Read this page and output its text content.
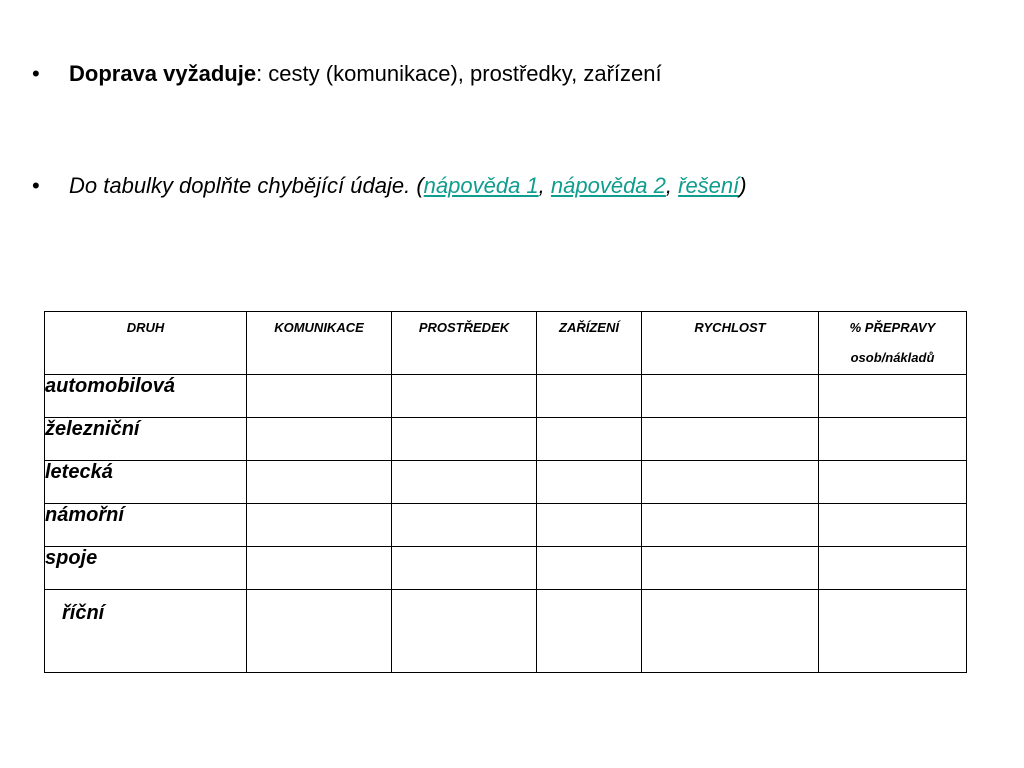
• Doprava vyžaduje: cesty (komunikace), prostředky, zařízení
• Do tabulky doplňte chybějící údaje. (nápověda 1, nápověda 2, řešení)
DRUH	KOMUNIKACE	PROSTŘEDEK	ZAŘÍZENÍ	RYCHLOST	% PŘEPRAVY
osob/nákladů

automobilová					
železniční					
letecká					
námořní					
spoje					
říční					
